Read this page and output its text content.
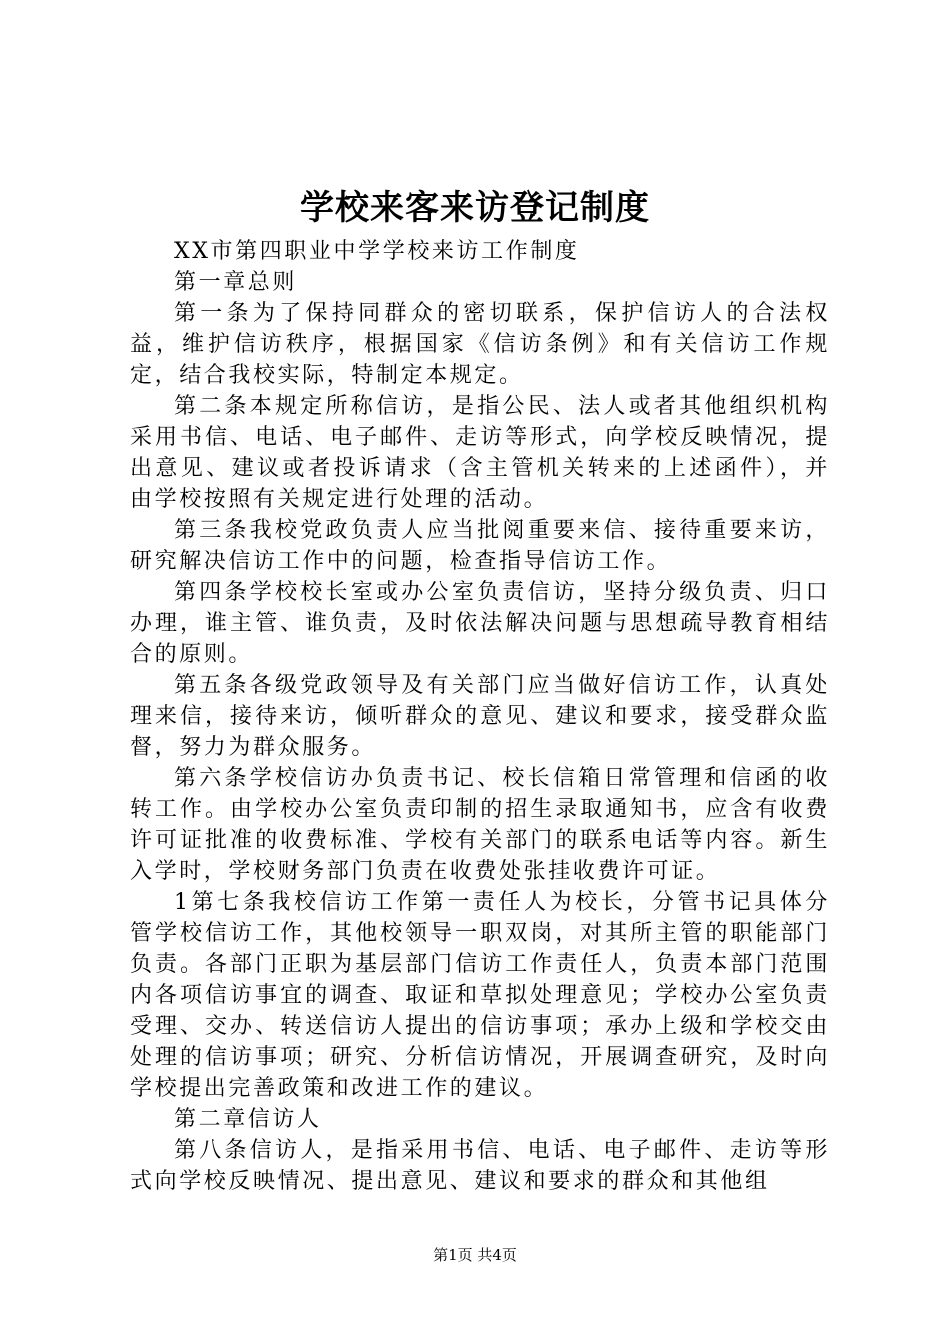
学校来客来访登记制度

XX市第四职业中学学校来访工作制度

第一章总则

第一条为了保持同群众的密切联系，保护信访人的合法权益，维护信访秩序，根据国家《信访条例》和有关信访工作规定，结合我校实际，特制定本规定。

第二条本规定所称信访，是指公民、法人或者其他组织机构采用书信、电话、电子邮件、走访等形式，向学校反映情况，提出意见、建议或者投诉请求（含主管机关转来的上述函件），并由学校按照有关规定进行处理的活动。

第三条我校党政负责人应当批阅重要来信、接待重要来访，研究解决信访工作中的问题，检查指导信访工作。

第四条学校校长室或办公室负责信访，坚持分级负责、归口办理，谁主管、谁负责，及时依法解决问题与思想疏导教育相结合的原则。

第五条各级党政领导及有关部门应当做好信访工作，认真处理来信，接待来访，倾听群众的意见、建议和要求，接受群众监督，努力为群众服务。

第六条学校信访办负责书记、校长信箱日常管理和信函的收转工作。由学校办公室负责印制的招生录取通知书，应含有收费许可证批准的收费标准、学校有关部门的联系电话等内容。新生入学时，学校财务部门负责在收费处张挂收费许可证。

1第七条我校信访工作第一责任人为校长，分管书记具体分管学校信访工作，其他校领导一职双岗，对其所主管的职能部门负责。各部门正职为基层部门信访工作责任人，负责本部门范围内各项信访事宜的调查、取证和草拟处理意见；学校办公室负责受理、交办、转送信访人提出的信访事项；承办上级和学校交由处理的信访事项；研究、分析信访情况，开展调查研究，及时向学校提出完善政策和改进工作的建议。

第二章信访人

第八条信访人，是指采用书信、电话、电子邮件、走访等形式向学校反映情况、提出意见、建议和要求的群众和其他组

第1页 共4页
